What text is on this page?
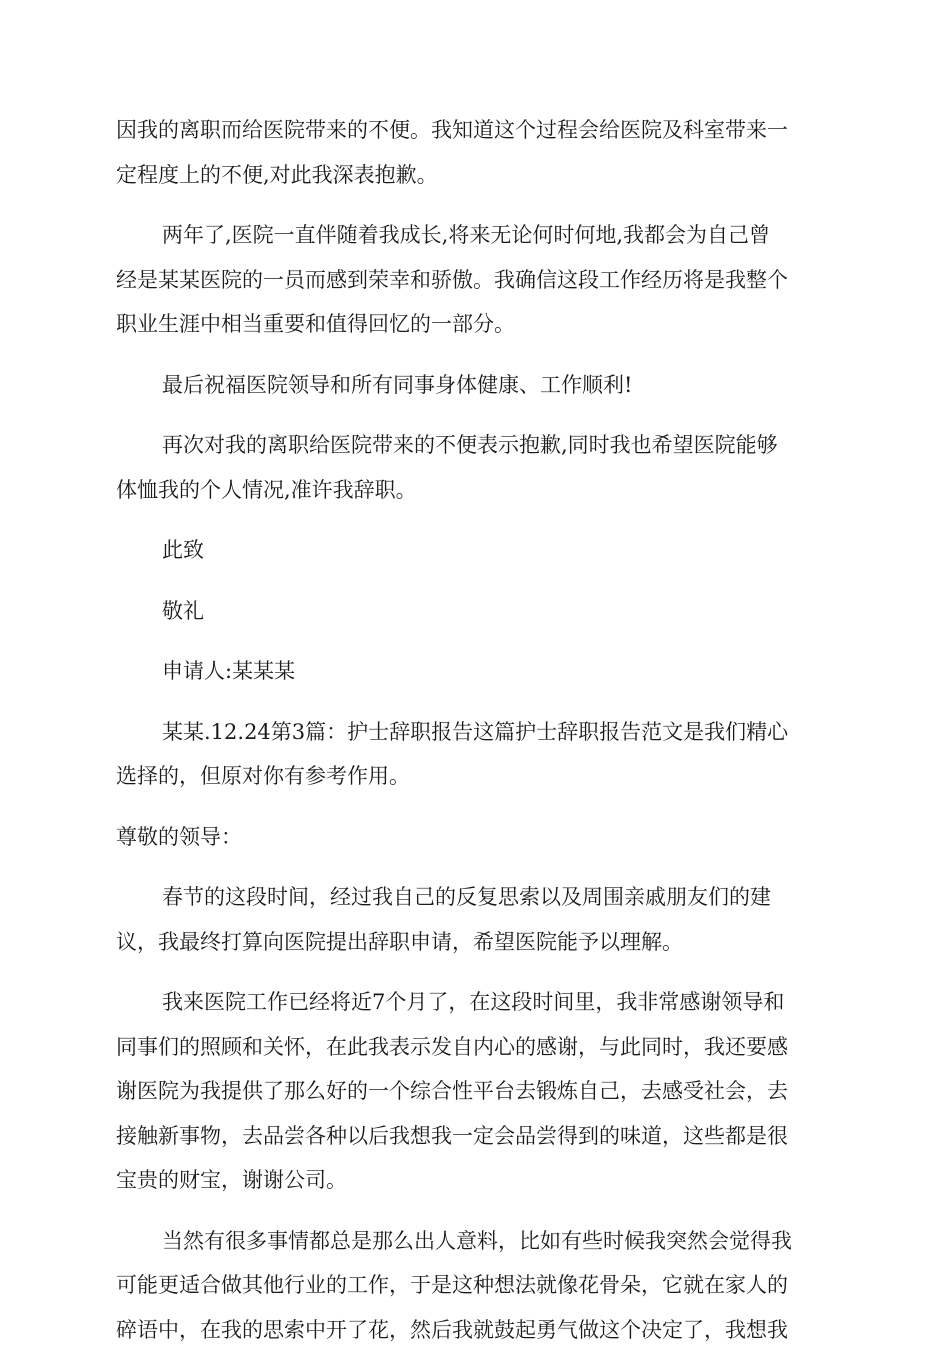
因我的离职而给医院带来的不便。我知道这个过程会给医院及科室带来一
定程度上的不便,对此我深表抱歉。
两年了,医院一直伴随着我成长,将来无论何时何地,我都会为自己曾
经是某某医院的一员而感到荣幸和骄傲。我确信这段工作经历将是我整个
职业生涯中相当重要和值得回忆的一部分。
最后祝福医院领导和所有同事身体健康、工作顺利!
再次对我的离职给医院带来的不便表示抱歉,同时我也希望医院能够
体恤我的个人情况,准许我辞职。
此致
敬礼
申请人:某某某
某某.12.24第3篇：护士辞职报告这篇护士辞职报告范文是我们精心
选择的，但原对你有参考作用。
尊敬的领导：
春节的这段时间，经过我自己的反复思索以及周围亲戚朋友们的建
议，我最终打算向医院提出辞职申请，希望医院能予以理解。
我来医院工作已经将近7个月了，在这段时间里，我非常感谢领导和
同事们的照顾和关怀，在此我表示发自内心的感谢，与此同时，我还要感
谢医院为我提供了那么好的一个综合性平台去锻炼自己，去感受社会，去
接触新事物，去品尝各种以后我想我一定会品尝得到的味道，这些都是很
宝贵的财宝，谢谢公司。
当然有很多事情都总是那么出人意料，比如有些时候我突然会觉得我
可能更适合做其他行业的工作，于是这种想法就像花骨朵，它就在家人的
碎语中，在我的思索中开了花，然后我就鼓起勇气做这个决定了，我想我
